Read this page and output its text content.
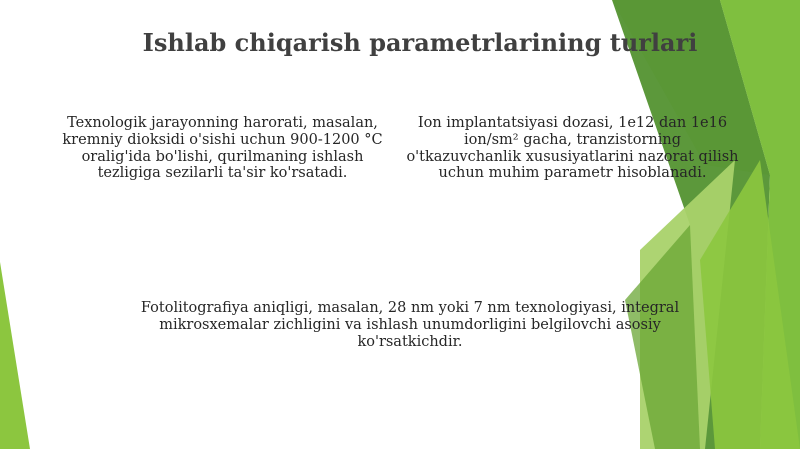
Ishlab chiqarish parametrlarining turlari
Texnologik jarayonning harorati, masalan, kremniy dioksidi o'sishi uchun 900-1200 °C oralig'ida bo'lishi, qurilmaning ishlash tezligiga sezilarli ta'sir ko'rsatadi.
Ion implantatsiyasi dozasi, 1e12 dan 1e16 ion/sm² gacha, tranzistorning o'tkazuvchanlik xususiyatlarini nazorat qilish uchun muhim parametr hisoblanadi.
Fotolitografiya aniqligi, masalan, 28 nm yoki 7 nm texnologiyasi, integral mikrosxemalar zichligini va ishlash unumdorligini belgilovchi asosiy ko'rsatkichdir.
